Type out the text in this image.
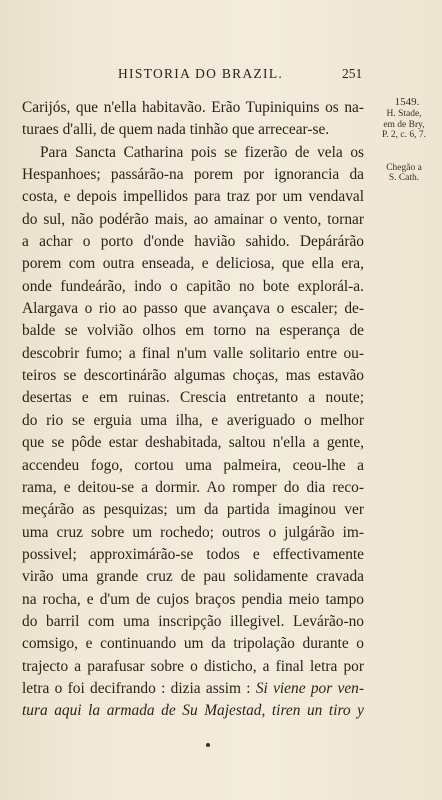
HISTORIA DO BRAZIL.	251
Carijós, que n'ella habitavão. Erão Tupiniquins os na-
turaes d'alli, de quem nada tinhão que arrecear-se.
Para Sancta Catharina pois se fizerão de vela os
Hespanhoes; passárão-na porem por ignorancia da
costa, e depois impellidos para traz por um vendaval
do sul, não podérão mais, ao amainar o vento, tornar
a achar o porto d'onde havião sahido. Depárárão
porem com outra enseada, e deliciosa, que ella era,
onde fundeárão, indo o capitão no bote explorál-a.
Alargava o rio ao passo que avançava o escaler; de-
balde se volvião olhos em torno na esperança de
descobrir fumo; a final n'um valle solitario entre ou-
teiros se descortinárão algumas choças, mas estavão
desertas e em ruinas. Crescia entretanto a noute;
do rio se erguia uma ilha, e averiguado o melhor
que se pôde estar deshabitada, saltou n'ella a gente,
accendeu fogo, cortou uma palmeira, ceou-lhe a
rama, e deitou-se a dormir. Ao romper do dia reco-
meçárão as pesquizas; um da partida imaginou ver
uma cruz sobre um rochedo; outros o julgárão im-
possivel; approximárão-se todos e effectivamente
virão uma grande cruz de pau solidamente cravada
na rocha, e d'um de cujos braços pendia meio tampo
do barril com uma inscripção illegivel. Levárão-no
comsigo, e continuando um da tripolação durante o
trajecto a parafusar sobre o disticho, a final letra por
letra o foi decifrando : dizia assim : Si viene por ven-
tura aqui la armada de Su Majestad, tiren un tiro y
1549.
H. Stade,
em de Bry,
P. 2, c. 6, 7.
Chegão a
S. Cath.
